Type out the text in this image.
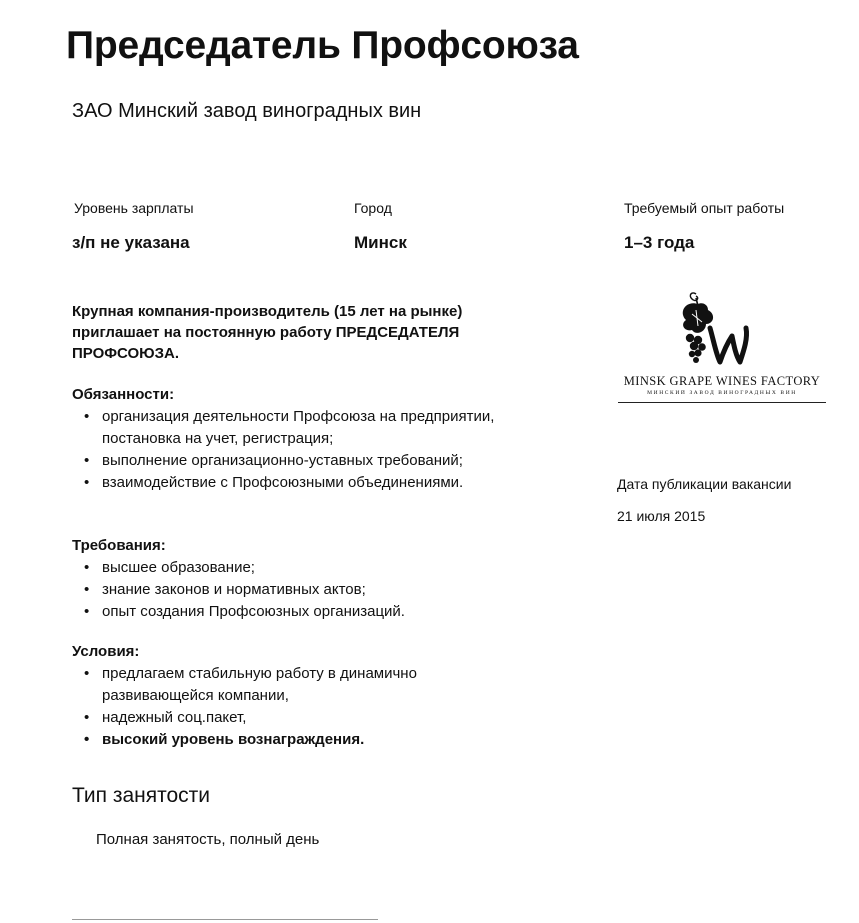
Председатель Профсоюза
ЗАО Минский завод виноградных вин
Уровень зарплаты
з/п не указана
Город
Минск
Требуемый опыт работы
1–3 года
Крупная компания-производитель (15 лет на рынке) приглашает на постоянную работу ПРЕДСЕДАТЕЛЯ ПРОФСОЮЗА.
Обязанности:
• организация деятельности Профсоюза на предприятии, постановка на учет, регистрация;
• выполнение организационно-уставных требований;
• взаимодействие с Профсоюзными объединениями.
Требования:
• высшее образование;
• знание законов и нормативных актов;
• опыт создания Профсоюзных организаций.
Условия:
• предлагаем стабильную работу в динамично развивающейся компании,
• надежный соц.пакет,
• высокий уровень вознаграждения.
Тип занятости
Полная занятость, полный день
MINSK GRAPE WINES FACTORY
МИНСКИЙ ЗАВОД ВИНОГРАДНЫХ ВИН
Дата публикации вакансии
21 июля 2015
